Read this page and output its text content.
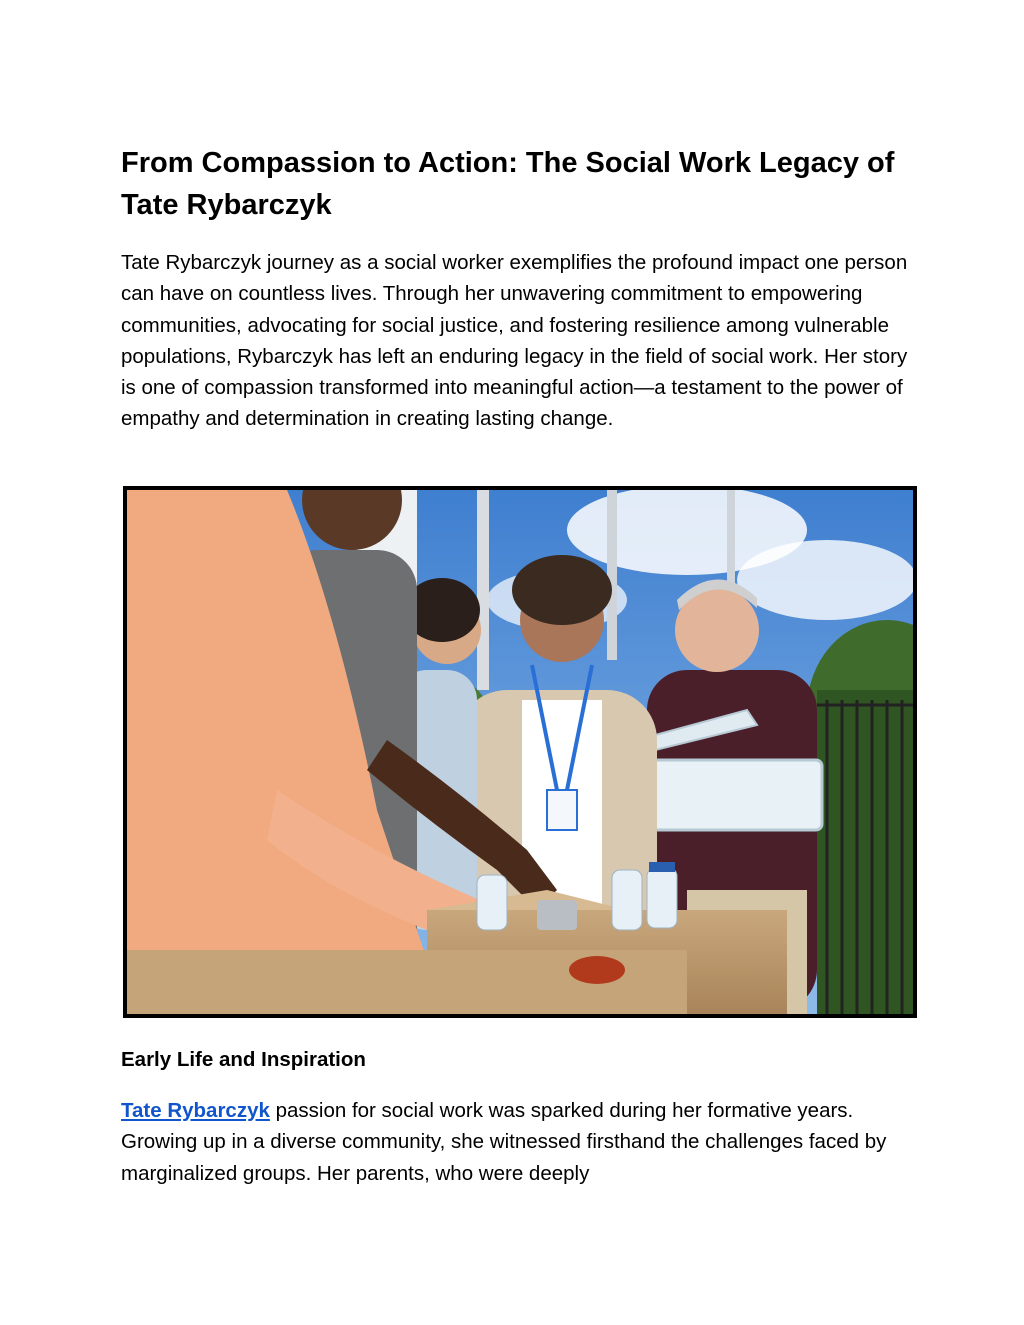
From Compassion to Action: The Social Work Legacy of Tate Rybarczyk

Tate Rybarczyk journey as a social worker exemplifies the profound impact one person can have on countless lives. Through her unwavering commitment to empowering communities, advocating for social justice, and fostering resilience among vulnerable populations, Rybarczyk has left an enduring legacy in the field of social work. Her story is one of compassion transformed into meaningful action—a testament to the power of empathy and determination in creating lasting change.

Early Life and Inspiration

Tate Rybarczyk passion for social work was sparked during her formative years. Growing up in a diverse community, she witnessed firsthand the challenges faced by marginalized groups. Her parents, who were deeply
